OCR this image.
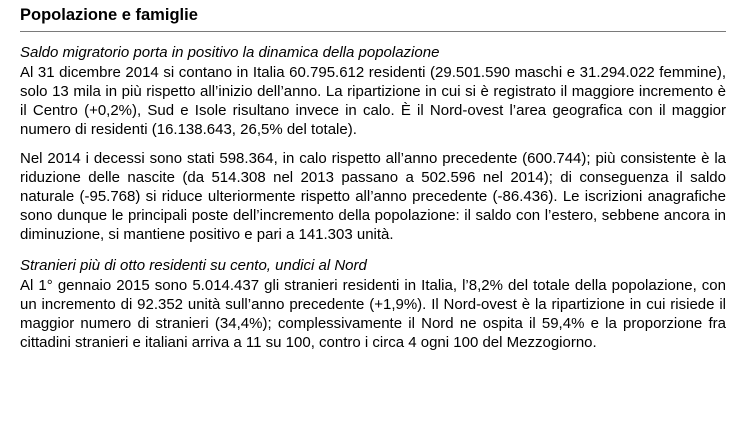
Popolazione e famiglie
Saldo migratorio porta in positivo la dinamica della popolazione

Al 31 dicembre 2014 si contano in Italia 60.795.612 residenti (29.501.590 maschi e 31.294.022 femmine), solo 13 mila in più rispetto all’inizio dell’anno. La ripartizione in cui si è registrato il maggiore incremento è il Centro (+0,2%), Sud e Isole risultano invece in calo. È il Nord-ovest l’area geografica con il maggior numero di residenti (16.138.643, 26,5% del totale).

Nel 2014 i decessi sono stati 598.364, in calo rispetto all’anno precedente (600.744); più consistente è la riduzione delle nascite (da 514.308 nel 2013 passano a 502.596 nel 2014); di conseguenza il saldo naturale (-95.768) si riduce ulteriormente rispetto all’anno precedente (-86.436). Le iscrizioni anagrafiche sono dunque le principali poste dell’incremento della popolazione: il saldo con l’estero, sebbene ancora in diminuzione, si mantiene positivo e pari a 141.303 unità.

Stranieri più di otto residenti su cento, undici al Nord

Al 1° gennaio 2015 sono 5.014.437 gli stranieri residenti in Italia, l’8,2% del totale della popolazione, con un incremento di 92.352 unità sull’anno precedente (+1,9%). Il Nord-ovest è la ripartizione in cui risiede il maggior numero di stranieri (34,4%); complessivamente il Nord ne ospita il 59,4% e la proporzione fra cittadini stranieri e italiani arriva a 11 su 100, contro i circa 4 ogni 100 del Mezzogiorno.
